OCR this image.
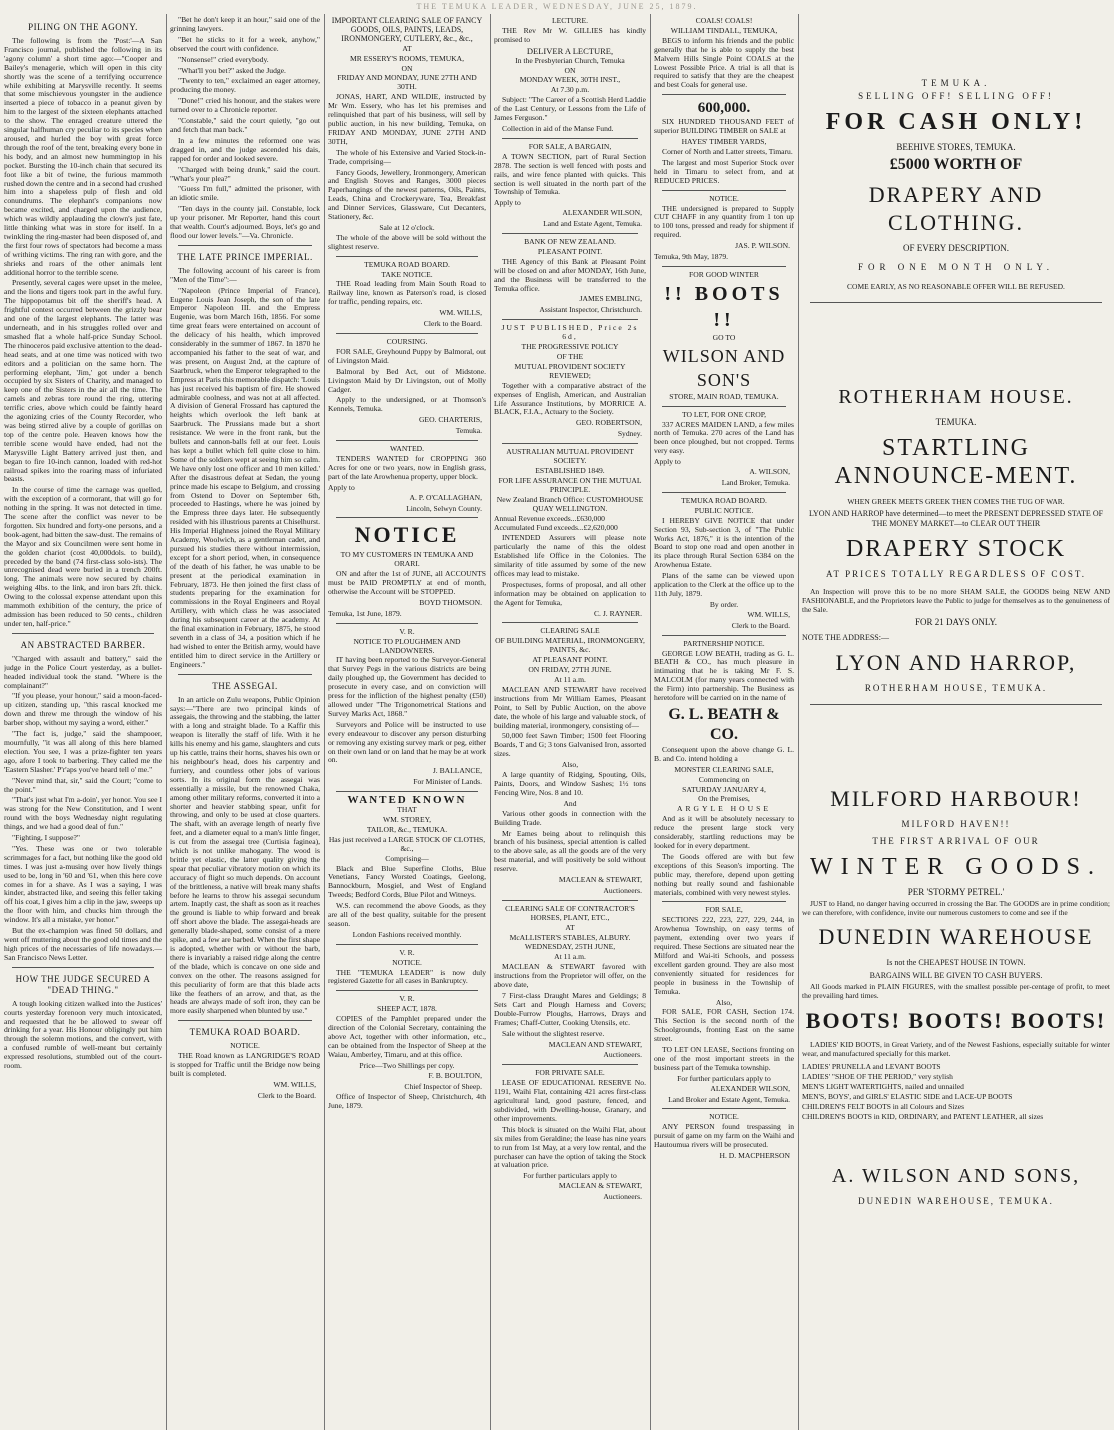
THE TEMUKA LEADER, WEDNESDAY, JUNE 25, 1879.
PILING ON THE AGONY.

The following is from the 'Post:'—A San Francisco journal, published the following in its 'agony column' a short time ago:—"Cooper and Bailey's menagerie, which will open in this city shortly was the scene of a terrifying occurrence while exhibiting at Marysville recently. It seems that some mischievous youngster in the audience inserted a piece of tobacco in a peanut given by him to the largest of the sixteen elephants attached to the show. The enraged creature uttered the singular halfhuman cry peculiar to its species when aroused, and hurled the boy with great force through the roof of the tent, breaking every bone in his body, and an almost new hummingtop in his pocket. Bursting the 10-inch chain that secured its foot like a bit of twine, the furious mammoth rushed down the centre and in a second had crushed him into a shapeless pulp of flesh and old conundrums. The elephant's companions now became excited, and charged upon the audience, which was wildly applauding the clown's just fate, little thinking what was in store for itself. In a twinkling the ring-master had been disposed of, and the first four rows of spectators had become a mass of writhing victims. The ring ran with gore, and the shrieks and roars of the other animals lent additional horror to the terrible scene.

Presently, several cages were upset in the melee, and the lions and tigers took part in the awful fury. The hippopotamus bit off the sheriff's head. A frightful contest occurred between the grizzly bear and one of the largest elephants. The latter was underneath, and in his struggles rolled over and smashed flat a whole half-price Sunday School. The rhinoceros paid exclusive attention to the dead-head seats, and at one time was noticed with two editors and a politician on the same horn. The performing elephant, 'Jim,' got under a bench occupied by six Sisters of Charity, and managed to keep one of the Sisters in the air all the time. The camels and zebras tore round the ring, uttering terrific cries, above which could be faintly heard the agonizing cries of the County Recorder, who was being stirred alive by a couple of gorillas on top of the centre pole. Heaven knows how the terrible scene would have ended, had not the Marysville Light Battery arrived just then, and began to fire 10-inch cannon, loaded with red-hot railroad spikes into the roaring mass of infuriated beasts.

In the course of time the carnage was quelled, with the exception of a cormorant, that will go for nothing in the spring. It was not detected in time. The scene after the conflict was never to be forgotten. Six hundred and forty-one persons, and a book-agent, had bitten the saw-dust. The remains of the Mayor and six Councilmen were sent home in the golden chariot (cost 40,000dols. to build), preceded by the band (74 first-class solo-ists). The unrecognised dead were buried in a trench 200ft. long. The animals were now secured by chains weighing 4lbs. to the link, and iron bars 2ft. thick. Owing to the colossal expense attendant upon this mammoth exhibition of the century, the price of admission has been reduced to 50 cents., children under ten, half-price."

AN ABSTRACTED BARBER.

"Charged with assault and battery," said the judge in the Police Court yesterday, as a bullet-headed individual took the stand. "Where is the complainant?"

"If you please, your honour," said a moon-faced-up citizen, standing up, "this rascal knocked me down and threw me through the window of his barber shop, without my saying a word, either."

"The fact is, judge," said the shampooer, mournfully, "it was all along of this here blamed election. You see, I was a prize-fighter ten years ago, afore I took to barbering. They called me the 'Eastern Slasher.' P'r'aps you've heard tell o' me."

"Never mind that, sir," said the Court; "come to the point."

"That's just what I'm a-doin', yer honor. You see I was strong for the New Constitution, and I went round with the boys Wednesday night regulating things, and we had a good deal of fun."

"Fighting, I suppose?"

"Yes. These was one or two tolerable scrimmages for a fact, but nothing like the good old times. I was just a-musing over how lively things used to be, long in '60 and '61, when this here cove comes in for a shave. As I was a saying, I was kinder, abstracted like, and seeing this feller taking off his coat, I gives him a clip in the jaw, sweeps up the floor with him, and chucks him through the window. It's all a mistake, yer honor."

But the ex-champion was fined 50 dollars, and went off muttering about the good old times and the high prices of the necessaries of life nowadays.—San Francisco News Letter.

HOW THE JUDGE SECURED A "DEAD THING."

A tough looking citizen walked into the Justices' courts yesterday forenoon very much intoxicated, and requested that he be allowed to swear off drinking for a year. His Honour obligingly put him through the solemn motions, and the convert, with a confused rumble of well-meant but certainly expressed resolutions, stumbled out of the court-room.

"Bet he don't keep it an hour," said one of the grinning lawyers.

"Bet he sticks to it for a week, anyhow," observed the court with confidence.

"Nonsense!" cried everybody.

"What'll you bet?" asked the Judge.

"Twenty to ten," exclaimed an eager attorney, producing the money.

"Done!" cried his honour, and the stakes were turned over to a Chronicle reporter.

"Constable," said the court quietly, "go out and fetch that man back."

In a few minutes the reformed one was dragged in, and the judge ascended his dais, rapped for order and looked severe.

"Charged with being drunk," said the court. "What's your plea?"

"Guess I'm full," admitted the prisoner, with an idiotic smile.

"Ten days in the county jail. Constable, lock up your prisoner. Mr Reporter, hand this court that wealth. Court's adjourned. Boys, let's go and flood our lower levels."—Va. Chronicle.

THE LATE PRINCE IMPERIAL.

The following account of his career is from "Men of the Time":—

"Napoleon (Prince Imperial of France), Eugene Louis Jean Joseph, the son of the late Emperor Napoleon III. and the Empress Eugenie, was born March 16th, 1856. For some time great fears were entertained on account of the delicacy of his health, which improved considerably in the summer of 1867. In 1870 he accompanied his father to the seat of war, and was present, on August 2nd, at the capture of Saarbruck, when the Emperor telegraphed to the Empress at Paris this memorable dispatch: 'Louis has just received his baptism of fire. He showed admirable coolness, and was not at all affected. A division of General Frossard has captured the heights which overlook the left bank at Saarbruck. The Prussians made but a short resistance. We were in the front rank, but the bullets and cannon-balls fell at our feet. Louis has kept a bullet which fell quite close to him. Some of the soldiers wept at seeing him so calm. We have only lost one officer and 10 men killed.' After the disastrous defeat at Sedan, the young prince made his escape to Belgium, and crossing from Ostend to Dover on September 6th, proceeded to Hastings, where he was joined by the Empress three days later. He subsequently resided with his illustrious parents at Chiselhurst. His Imperial Highness joined the Royal Military Academy, Woolwich, as a gentleman cadet, and pursued his studies there without intermission, except for a short period, when, in consequence of the death of his father, he was unable to be present at the periodical examination in February, 1873. He then joined the first class of students preparing for the examination for commissions in the Royal Engineers and Royal Artillery, with which class he was associated during his subsequent career at the academy. At the final examination in February, 1875, he stood seventh in a class of 34, a position which if he had wished to enter the British army, would have entitled him to direct service in the Artillery or Engineers."

THE ASSEGAI.

In an article on Zulu weapons, Public Opinion says:—"There are two principal kinds of assegais, the throwing and the stabbing, the latter with a long and straight blade. To a Kaffir this weapon is literally the staff of life. With it he kills his enemy and his game, slaughters and cuts up his cattle, trains their horns, shaves his own or his neighbour's head, does his carpentry and furriery, and countless other jobs of various sorts. In its original form the assegai was essentially a missile, but the renowned Chaka, among other military reforms, converted it into a shorter and heavier stabbing spear, unfit for throwing, and only to be used at close quarters. The shaft, with an average length of nearly five feet, and a diameter equal to a man's little finger, is cut from the assegai tree (Curtisia faginea), which is not unlike mahogany. The wood is brittle yet elastic, the latter quality giving the spear that peculiar vibratory motion on which its accuracy of flight so much depends. On account of the brittleness, a native will break many shafts before he learns to throw his assegai secundum artem. Inaptly cast, the shaft as soon as it reaches the ground is liable to whip forward and break off short above the blade. The assegai-heads are generally blade-shaped, some consist of a mere spike, and a few are barbed. When the first shape is adopted, whether with or without the barb, there is invariably a raised ridge along the centre of the blade, which is concave on one side and convex on the other. The reasons assigned for this peculiarity of form are that this blade acts like the feathers of an arrow, and that, as the heads are always made of soft iron, they can be more easily sharpened when blunted by use."

TEMUKA ROAD BOARD.
NOTICE.

THE Road known as LANGRIDGE'S ROAD is stopped for Traffic until the Bridge now being built is completed.

WM. WILLS,
Clerk to the Board.
IMPORTANT CLEARING SALE OF FANCY GOODS, OILS, PAINTS, LEADS, IRONMONGERY, CUTLERY, &c., &c.,
AT
MR ESSERY'S ROOMS, TEMUKA,
ON
FRIDAY AND MONDAY, JUNE 27TH AND 30TH.

JONAS, HART, AND WILDIE, instructed by Mr Wm. Essery, who has let his premises and relinquished that part of his business, will sell by public auction, in his new building, Temuka, on FRIDAY AND MONDAY, JUNE 27TH AND 30TH,

The whole of his Extensive and Varied Stock-in-Trade, comprising—

Fancy Goods, Jewellery, Ironmongery, American and English Stoves and Ranges, 3000 pieces Paperhangings of the newest patterns, Oils, Paints, Leads, China and Crockeryware, Tea, Breakfast and Dinner Services, Glassware, Cut Decanters, Stationery, &c.

Sale at 12 o'clock.

The whole of the above will be sold without the slightest reserve.

TEMUKA ROAD BOARD.
TAKE NOTICE.

THE Road leading from Main South Road to Railway line, known as Paterson's road, is closed for traffic, pending repairs, etc.

WM. WILLS,
Clerk to the Board.
COURSING.

FOR SALE, Greyhound Puppy by Balmoral, out of Livingston Maid.

Balmoral by Bed Act, out of Midstone. Livingston Maid by Dr Livingston, out of Molly Cadger.

Apply to the undersigned, or at Thomson's Kennels, Temuka.

GEO. CHARTERIS,
Temuka.
WANTED.

TENDERS WANTED for CROPPING 360 Acres for one or two years, now in English grass, part of the late Arowhenua property, upper block.

Apply to
A. P. O'CALLAGHAN,
Lincoln, Selwyn County.
NOTICE
TO MY CUSTOMERS IN TEMUKA AND ORARI.

ON and after the 1st of JUNE, all ACCOUNTS must be PAID PROMPTLY at end of month, otherwise the Account will be STOPPED.

BOYD THOMSON.
Temuka, 1st June, 1879.
V. R.
NOTICE TO PLOUGHMEN AND LANDOWNERS.

IT having been reported to the Surveyor-General that Survey Pegs in the various districts are being daily ploughed up, the Government has decided to prosecute in every case, and on conviction will press for the infliction of the highest penalty (£50) allowed under "The Trigonometrical Stations and Survey Marks Act, 1868."

Surveyors and Police will be instructed to use every endeavour to discover any person disturbing or removing any existing survey mark or peg, either on their own land or on land that he may be at work on.

J. BALLANCE,
For Minister of Lands.
WANTED KNOWN
THAT
WM. STOREY,
TAILOR, &c., TEMUKA.
Has just received a LARGE STOCK OF CLOTHS, &c.,
Comprising—

Black and Blue Superfine Cloths, Blue Venetians, Fancy Worsted Coatings, Geelong, Bannockburn, Mosgiel, and West of England Tweeds; Bedford Cords, Blue Pilot and Witneys.

W.S. can recommend the above Goods, as they are all of the best quality, suitable for the present season.

London Fashions received monthly.
V. R.
NOTICE.

THE "TEMUKA LEADER" is now duly registered Gazette for all cases in Bankruptcy.

V. R.
SHEEP ACT, 1878.

COPIES of the Pamphlet prepared under the direction of the Colonial Secretary, containing the above Act, together with other information, etc., can be obtained from the Inspector of Sheep at the Waiau, Amberley, Timaru, and at this office.

Price—Two Shillings per copy.
F. B. BOULTON,
Chief Inspector of Sheep.

Office of Inspector of Sheep, Christchurch, 4th June, 1879.

LECTURE.

THE Rev Mr W. GILLIES has kindly promised to

DELIVER A LECTURE,
In the Presbyterian Church, Temuka
ON
MONDAY WEEK, 30TH INST.,
At 7.30 p.m.

Subject: "The Career of a Scottish Herd Laddie of the Last Century, or Lessons from the Life of James Ferguson."

Collection in aid of the Manse Fund.

FOR SALE, A BARGAIN,

A TOWN SECTION, part of Rural Section 2878. The section is well fenced with posts and rails, and wire fence planted with quicks. This section is well situated in the north part of the Township of Temuka.

Apply to
ALEXANDER WILSON,
Land and Estate Agent, Temuka.
BANK OF NEW ZEALAND.
PLEASANT POINT.

THE Agency of this Bank at Pleasant Point will be closed on and after MONDAY, 16th June, and the Business will be transferred to the Temuka office.

JAMES EMBLING,
Assistant Inspector, Christchurch.
JUST PUBLISHED, Price 2s 6d,
THE PROGRESSIVE POLICY
OF THE
MUTUAL PROVIDENT SOCIETY REVIEWED;

Together with a comparative abstract of the expenses of English, American, and Australian Life Assurance Institutions, by MORRICE A. BLACK, F.I.A., Actuary to the Society.

GEO. ROBERTSON,
Sydney.
AUSTRALIAN MUTUAL PROVIDENT SOCIETY.
ESTABLISHED 1849.
FOR LIFE ASSURANCE ON THE MUTUAL PRINCIPLE.
New Zealand Branch Office: CUSTOMHOUSE QUAY WELLINGTON.
Annual Revenue exceeds...£630,000
Accumulated Fund exceeds...£2,620,000

INTENDED Assurers will please note particularly the name of this the oldest Established life Office in the Colonies. The similarity of title assumed by some of the new offices may lead to mistake.

Prospectuses, forms of proposal, and all other information may be obtained on application to the Agent for Temuka,

C. J. RAYNER.
CLEARING SALE
OF BUILDING MATERIAL, IRONMONGERY, PAINTS, &c.
AT PLEASANT POINT.
ON FRIDAY, 27TH JUNE.
At 11 a.m.

MACLEAN AND STEWART have received instructions from Mr William Eames, Pleasant Point, to Sell by Public Auction, on the above date, the whole of his large and valuable stock, of building material, ironmongery, consisting of—

50,000 feet Sawn Timber; 1500 feet Flooring Boards, T and G; 3 tons Galvanised Iron, assorted sizes.

Also,

A large quantity of Ridging, Spouting, Oils, Paints, Doors, and Window Sashes; 1½ tons Fencing Wire, Nos. 8 and 10.

And

Various other goods in connection with the Building Trade.

Mr Eames being about to relinquish this branch of his business, special attention is called to the above sale, as all the goods are of the very best material, and will positively be sold without reserve.

MACLEAN & STEWART,
Auctioneers.
CLEARING SALE OF CONTRACTOR'S HORSES, PLANT, ETC.,
AT
McALLISTER'S STABLES, ALBURY.
WEDNESDAY, 25TH JUNE,
At 11 a.m.

MACLEAN & STEWART favored with instructions from the Proprietor will offer, on the above date,

7 First-class Draught Mares and Geldings; 8 Sets Cart and Plough Harness and Covers; Double-Furrow Ploughs, Harrows, Drays and Frames; Chaff-Cutter, Cooking Utensils, etc.

Sale without the slightest reserve.

MACLEAN AND STEWART,
Auctioneers.
FOR PRIVATE SALE.

LEASE OF EDUCATIONAL RESERVE No. 1191, Waihi Flat, containing 421 acres first-class agricultural land, good pasture, fenced, and subdivided, with Dwelling-house, Granary, and other improvements.

This block is situated on the Waihi Flat, about six miles from Geraldine; the lease has nine years to run from 1st May, at a very low rental, and the purchaser can have the option of taking the Stock at valuation price.

For further particulars apply to
MACLEAN & STEWART,
Auctioneers.
COALS! COALS!
WILLIAM TINDALL, TEMUKA,

BEGS to inform his friends and the public generally that he is able to supply the best Malvern Hills Single Point COALS at the Lowest Possible Price. A trial is all that is required to satisfy that they are the cheapest and best Coals for general use.

600,000.

SIX HUNDRED THOUSAND FEET of superior BUILDING TIMBER on SALE at

HAYES' TIMBER YARDS,

Corner of North and Latter streets, Timaru.

The largest and most Superior Stock over held in Timaru to select from, and at REDUCED PRICES.

NOTICE.

THE undersigned is prepared to Supply CUT CHAFF in any quantity from 1 ton up to 100 tons, pressed and ready for shipment if required.

JAS. P. WILSON.
Temuka, 9th May, 1879.
FOR GOOD WINTER
!! BOOTS !!
GO TO
WILSON AND SON'S
STORE, MAIN ROAD, TEMUKA.
TO LET, FOR ONE CROP,

337 ACRES MAIDEN LAND, a few miles north of Temuka. 270 acres of the Land has been once ploughed, but not cropped. Terms very easy.

Apply to
A. WILSON,
Land Broker, Temuka.
TEMUKA ROAD BOARD.
PUBLIC NOTICE.

I HEREBY GIVE NOTICE that under Section 93, Sub-section 3, of "The Public Works Act, 1876," it is the intention of the Board to stop one road and open another in its place through Rural Section 6384 on the Arowhenua Estate.

Plans of the same can be viewed upon application to the Clerk at the office up to the 11th July, 1879.

By order.
WM. WILLS,
Clerk to the Board.
PARTNERSHIP NOTICE.

GEORGE LOW BEATH, trading as G. L. BEATH & CO., has much pleasure in intimating that he is taking Mr F. S. MALCOLM (for many years connected with the Firm) into partnership. The Business as heretofore will be carried on in the name of

G. L. BEATH & CO.

Consequent upon the above change G. L. B. and Co. intend holding a

MONSTER CLEARING SALE,
Commencing on
SATURDAY JANUARY 4,
On the Premises,
ARGYLE HOUSE

And as it will be absolutely necessary to reduce the present large stock very considerably, startling reductions may be looked for in every department.

The Goods offered are with but few exceptions of this Season's importing. The public may, therefore, depend upon getting nothing but really sound and fashionable materials, combined with very newest styles.

FOR SALE,

SECTIONS 222, 223, 227, 229, 244, in Arowhenua Township, on easy terms of payment, extending over two years if required. These Sections are situated near the Milford and Wai-iti Schools, and possess excellent garden ground. They are also most conveniently situated for residences for people in business in the Township of Temuka.

Also,

FOR SALE, FOR CASH, Section 174. This Section is the second north of the Schoolgrounds, fronting East on the same street.

TO LET ON LEASE, Sections fronting on one of the most important streets in the business part of the Temuka township.

For further particulars apply to
ALEXANDER WILSON,
Land Broker and Estate Agent, Temuka.
NOTICE.

ANY PERSON found trespassing in pursuit of game on my farm on the Waihi and Hautoumua rivers will be prosecuted.

H. D. MACPHERSON
TEMUKA.
SELLING OFF! SELLING OFF!
FOR CASH ONLY!
BEEHIVE STORES, TEMUKA.
£5000 WORTH OF
DRAPERY AND CLOTHING.
OF EVERY DESCRIPTION.
FOR ONE MONTH ONLY.
COME EARLY, AS NO REASONABLE OFFER WILL BE REFUSED.
ROTHERHAM HOUSE.
TEMUKA.
STARTLING ANNOUNCE-MENT.
WHEN GREEK MEETS GREEK THEN COMES THE TUG OF WAR.
LYON AND HARROP have determined—to meet the PRESENT DEPRESSED STATE OF THE MONEY MARKET—to CLEAR OUT THEIR
DRAPERY STOCK
AT PRICES TOTALLY REGARDLESS OF COST.

An Inspection will prove this to be no more SHAM SALE, the GOODS being NEW AND FASHIONABLE, and the Proprietors leave the Public to judge for themselves as to the genuineness of the Sale.

FOR 21 DAYS ONLY.
NOTE THE ADDRESS:—
LYON AND HARROP,
ROTHERHAM HOUSE, TEMUKA.
MILFORD HARBOUR!
MILFORD HAVEN!!
THE FIRST ARRIVAL OF OUR
WINTER GOODS.
PER 'STORMY PETREL.'

JUST to Hand, no danger having occurred in crossing the Bar. The GOODS are in prime condition; we can therefore, with confidence, invite our numerous customers to come and see if the

DUNEDIN WAREHOUSE
Is not the CHEAPEST HOUSE IN TOWN.
BARGAINS WILL BE GIVEN TO CASH BUYERS.

All Goods marked in PLAIN FIGURES, with the smallest possible per-centage of profit, to meet the prevailing hard times.

BOOTS! BOOTS! BOOTS!

LADIES' KID BOOTS, in Great Variety, and of the Newest Fashions, especially suitable for winter wear, and manufactured specially for this market.

LADIES' PRUNELLA and LEVANT BOOTS
LADIES' "SHOE OF THE PERIOD," very stylish
MEN'S LIGHT WATERTIGHTS, nailed and unnailed
MEN'S, BOYS', and GIRLS' ELASTIC SIDE and LACE-UP BOOTS
CHILDREN'S FELT BOOTS in all Colours and Sizes
CHILDREN'S BOOTS in KID, ORDINARY, and PATENT LEATHER, all sizes
A. WILSON AND SONS,
DUNEDIN WAREHOUSE, TEMUKA.
